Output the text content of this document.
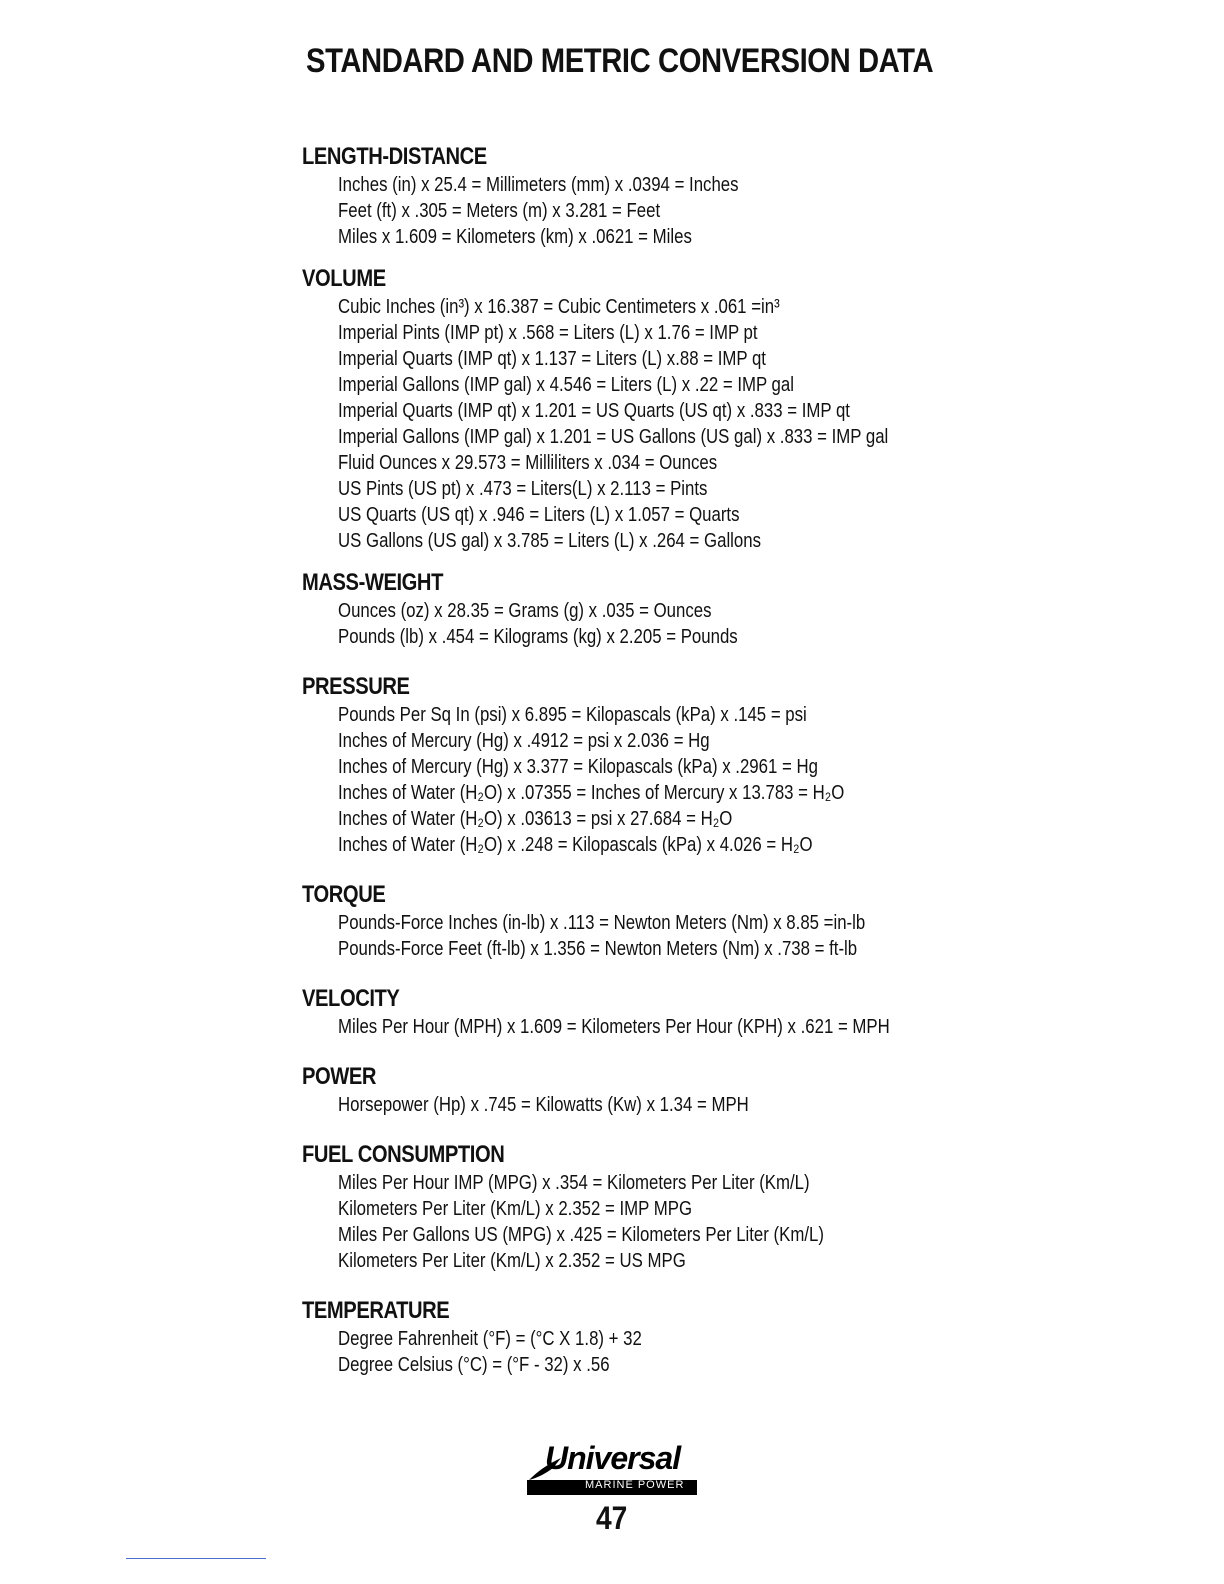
STANDARD AND METRIC CONVERSION DATA
LENGTH-DISTANCE
Inches (in) x 25.4 = Millimeters (mm) x .0394 = Inches
Feet (ft) x .305 = Meters (m) x 3.281 = Feet
Miles x 1.609 = Kilometers (km) x .0621 = Miles
VOLUME
Cubic Inches (in³) x 16.387 = Cubic Centimeters x .061 =in³
Imperial Pints (IMP pt) x .568 = Liters (L) x 1.76 = IMP pt
Imperial Quarts (IMP qt) x 1.137 = Liters (L) x.88 = IMP qt
Imperial Gallons (IMP gal) x 4.546 = Liters (L) x .22 = IMP gal
Imperial Quarts (IMP qt) x 1.201 = US Quarts (US qt) x .833 = IMP qt
Imperial Gallons (IMP gal) x 1.201 = US Gallons (US gal) x .833 = IMP gal
Fluid Ounces x 29.573 = Milliliters x .034 = Ounces
US Pints (US pt) x .473 = Liters(L) x 2.113 = Pints
US Quarts (US qt) x .946 = Liters (L) x 1.057 = Quarts
US Gallons (US gal) x 3.785 = Liters (L) x .264 = Gallons
MASS-WEIGHT
Ounces (oz) x 28.35 = Grams (g) x .035 = Ounces
Pounds (lb) x .454 = Kilograms (kg) x 2.205 = Pounds
PRESSURE
Pounds Per Sq In (psi) x 6.895 = Kilopascals (kPa) x .145 = psi
Inches of Mercury (Hg) x .4912 = psi x 2.036 = Hg
Inches of Mercury (Hg) x 3.377 = Kilopascals (kPa) x .2961 = Hg
Inches of Water (H₂O) x .07355 = Inches of Mercury x 13.783 = H₂O
Inches of Water (H₂O) x .03613 = psi x 27.684 = H₂O
Inches of Water (H₂O) x .248 = Kilopascals (kPa) x 4.026 = H₂O
TORQUE
Pounds-Force Inches (in-lb) x .113 = Newton Meters (Nm) x 8.85 =in-lb
Pounds-Force Feet (ft-lb) x 1.356 = Newton Meters (Nm) x .738 = ft-lb
VELOCITY
Miles Per Hour (MPH) x 1.609 = Kilometers Per Hour (KPH) x .621 = MPH
POWER
Horsepower (Hp) x .745 = Kilowatts (Kw) x 1.34 = MPH
FUEL CONSUMPTION
Miles Per Hour IMP (MPG) x .354 = Kilometers Per Liter (Km/L)
Kilometers Per Liter (Km/L) x 2.352 = IMP MPG
Miles Per Gallons US (MPG) x .425 = Kilometers Per Liter (Km/L)
Kilometers Per Liter (Km/L) x 2.352 = US MPG
TEMPERATURE
Degree Fahrenheit (°F) = (°C X 1.8) + 32
Degree Celsius (°C) = (°F - 32) x .56
Universal
MARINE POWER
47
